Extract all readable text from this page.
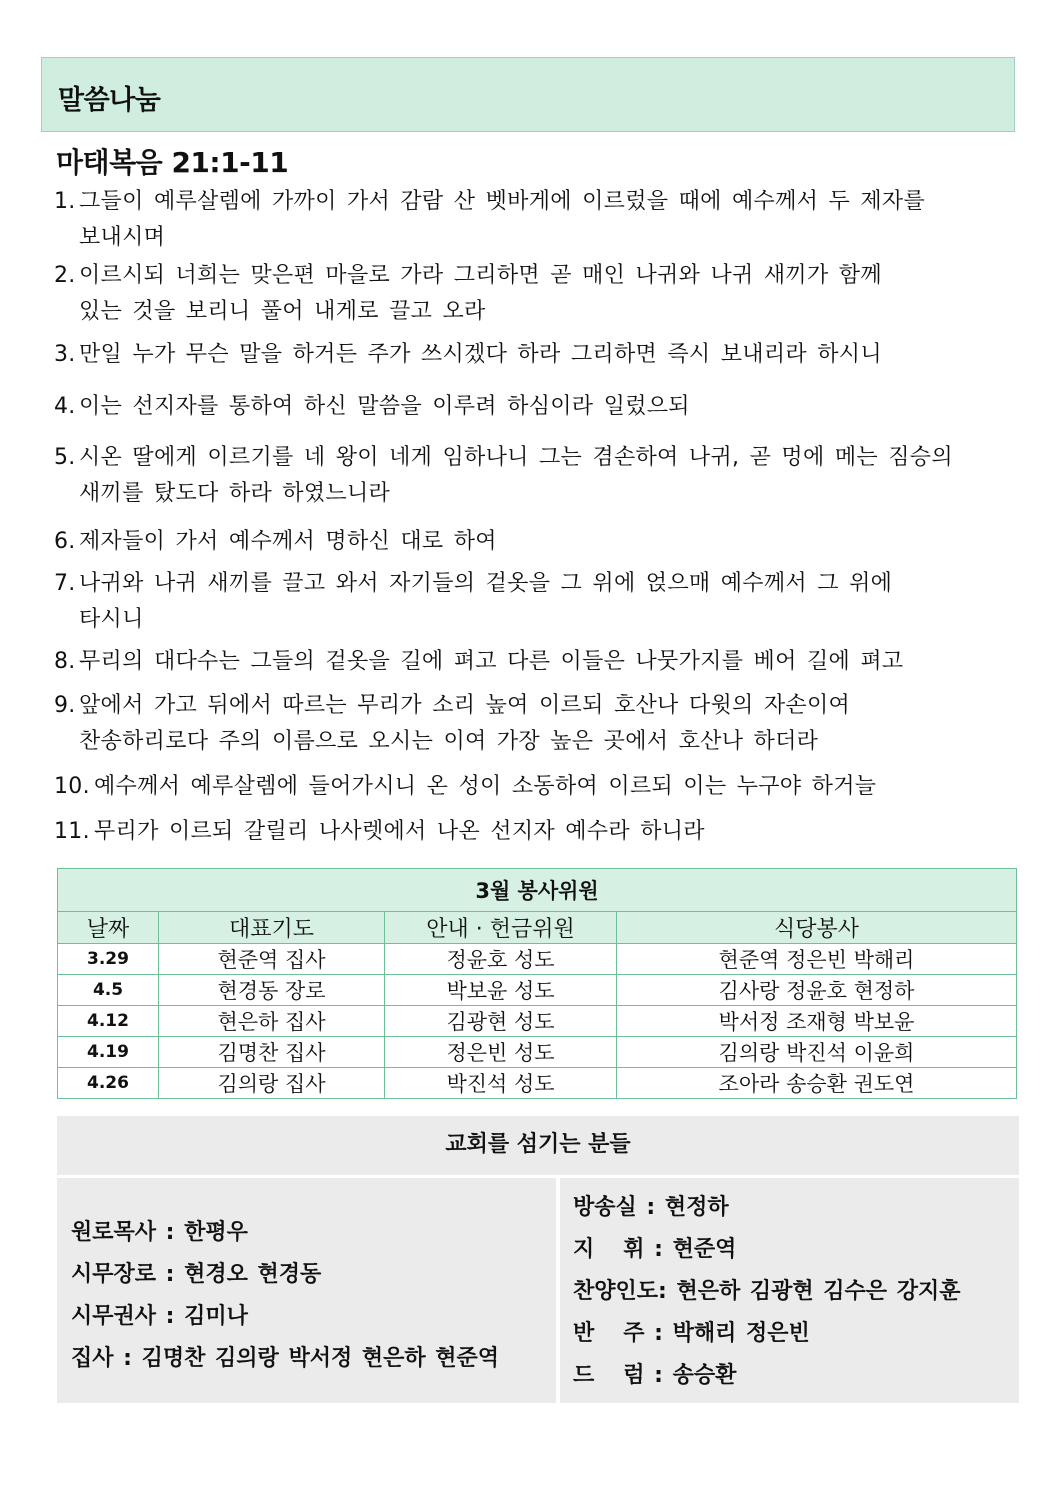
말씀나눔
마태복음 21:1-11
1. 그들이 예루살렘에 가까이 가서 감람 산 벳바게에 이르렀을 때에 예수께서 두 제자를
보내시며
2. 이르시되 너희는 맞은편 마을로 가라 그리하면 곧 매인 나귀와 나귀 새끼가 함께
있는 것을 보리니 풀어 내게로 끌고 오라
3. 만일 누가 무슨 말을 하거든 주가 쓰시겠다 하라 그리하면 즉시 보내리라 하시니
4. 이는 선지자를 통하여 하신 말씀을 이루려 하심이라 일렀으되
5. 시온 딸에게 이르기를 네 왕이 네게 임하나니 그는 겸손하여 나귀, 곧 멍에 메는 짐승의
새끼를 탔도다 하라 하였느니라
6. 제자들이 가서 예수께서 명하신 대로 하여
7. 나귀와 나귀 새끼를 끌고 와서 자기들의 겉옷을 그 위에 얹으매 예수께서 그 위에
타시니
8. 무리의 대다수는 그들의 겉옷을 길에 펴고 다른 이들은 나뭇가지를 베어 길에 펴고
9. 앞에서 가고 뒤에서 따르는 무리가 소리 높여 이르되 호산나 다윗의 자손이여
찬송하리로다 주의 이름으로 오시는 이여 가장 높은 곳에서 호산나 하더라
10. 예수께서 예루살렘에 들어가시니 온 성이 소동하여 이르되 이는 누구야 하거늘
11. 무리가 이르되 갈릴리 나사렛에서 나온 선지자 예수라 하니라
3월 봉사위원			
날짜	대표기도	안내 · 헌금위원	식당봉사
3.29	현준역 집사	정윤호 성도	현준역 정은빈 박해리
4.5	현경동 장로	박보윤 성도	김사랑 정윤호 현정하
4.12	현은하 집사	김광현 성도	박서정 조재형 박보윤
4.19	김명찬 집사	정은빈 성도	김의랑 박진석 이윤희
4.26	김의랑 집사	박진석 성도	조아라 송승환 권도연
교회를 섬기는 분들
원로목사 : 한평우
시무장로 : 현경오 현경동
시무권사 : 김미나
집사 : 김명찬 김의랑 박서정 현은하 현준역
방송실 : 현정하
지   휘 : 현준역
찬양인도: 현은하 김광현 김수은 강지훈
반   주 : 박해리 정은빈
드   럼 : 송승환
